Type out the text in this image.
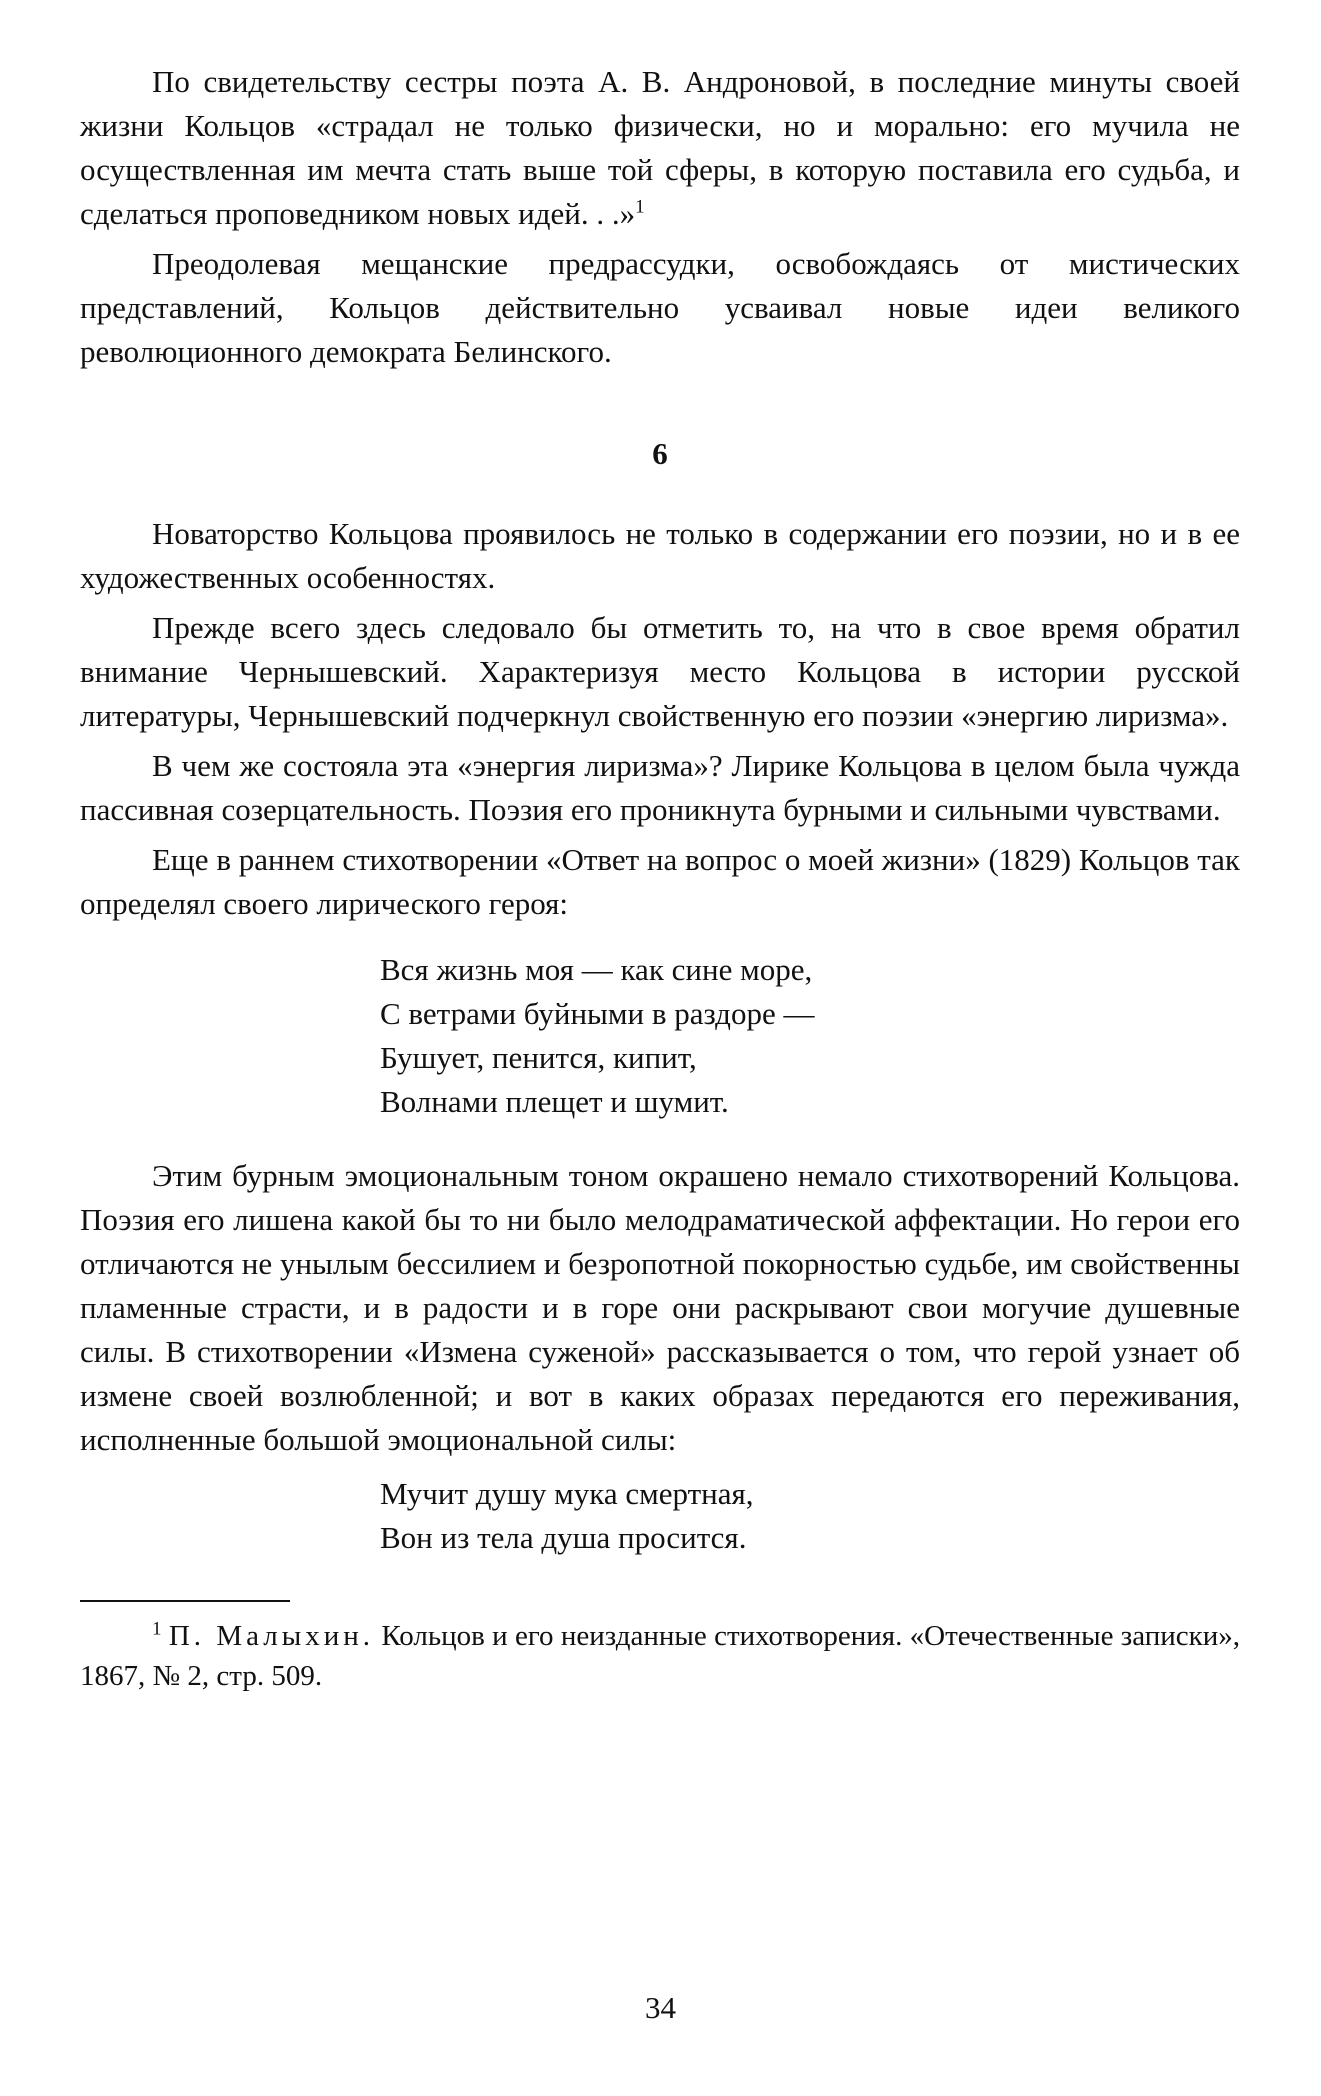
По свидетельству сестры поэта А. В. Андроновой, в последние минуты своей жизни Кольцов «страдал не только физически, но и морально: его мучила не осуществленная им мечта стать выше той сферы, в которую поставила его судьба, и сделаться проповедником новых идей. . .»$^1$

Преодолевая мещанские предрассудки, освобождаясь от мистических представлений, Кольцов действительно усваивал новые идеи великого революционного демократа Белинского.

6

Новаторство Кольцова проявилось не только в содержании его поэзии, но и в ее художественных особенностях.

Прежде всего здесь следовало бы отметить то, на что в свое время обратил внимание Чернышевский. Характеризуя место Кольцова в истории русской литературы, Чернышевский подчеркнул свойственную его поэзии «энергию лиризма».

В чем же состояла эта «энергия лиризма»? Лирике Кольцова в целом была чужда пассивная созерцательность. Поэзия его проникнута бурными и сильными чувствами.

Еще в раннем стихотворении «Ответ на вопрос о моей жизни» (1829) Кольцов так определял своего лирического героя:

Вся жизнь моя — как сине море,
С ветрами буйными в раздоре —
Бушует, пенится, кипит,
Волнами плещет и шумит.

Этим бурным эмоциональным тоном окрашено немало стихотворений Кольцова. Поэзия его лишена какой бы то ни было мелодраматической аффектации. Но герои его отличаются не унылым бессилием и безропотной покорностью судьбе, им свойственны пламенные страсти, и в радости и в горе они раскрывают свои могучие душевные силы. В стихотворении «Измена суженой» рассказывается о том, что герой узнает об измене своей возлюбленной; и вот в каких образах передаются его переживания, исполненные большой эмоциональной силы:

Мучит душу мука смертная,
Вон из тела душа просится.

$^1$ П. Малыхин. Кольцов и его неизданные стихотворения. «Отечественные записки», 1867, № 2, стр. 509.

34
